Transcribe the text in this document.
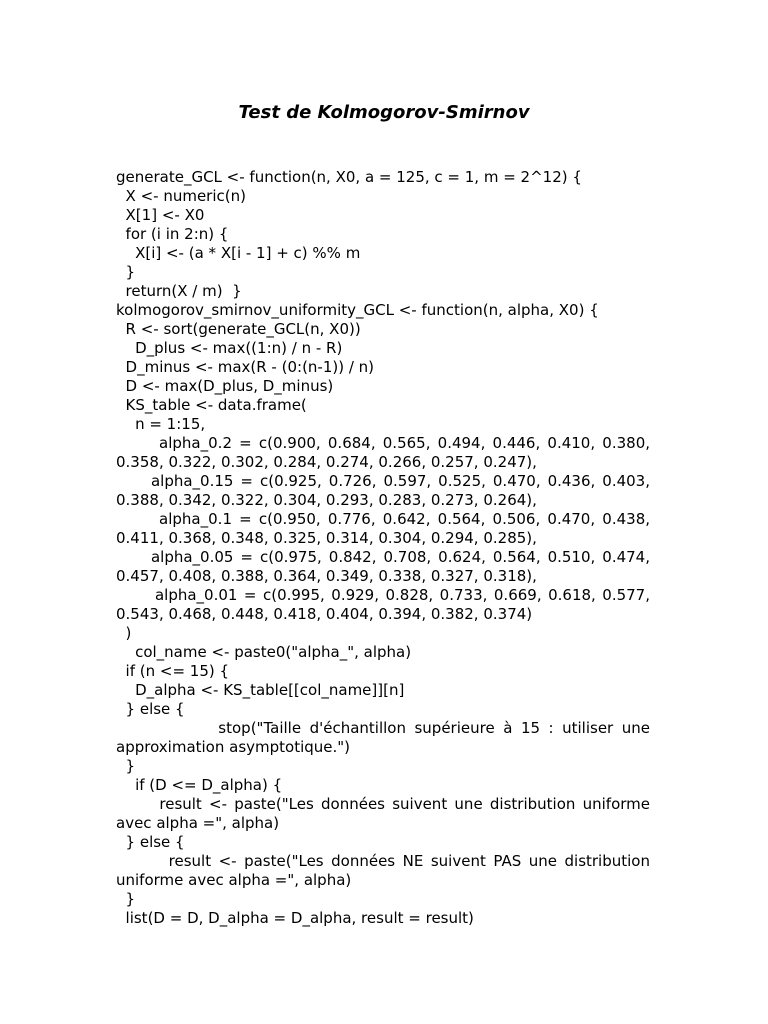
Test de Kolmogorov-Smirnov
generate_GCL <- function(n, X0, a = 125, c = 1, m = 2^12) {
X <- numeric(n)
X[1] <- X0
for (i in 2:n) {
X[i] <- (a * X[i - 1] + c) %% m
}
return(X / m)  }
kolmogorov_smirnov_uniformity_GCL <- function(n, alpha, X0) {
R <- sort(generate_GCL(n, X0))
D_plus <- max((1:n) / n - R)
D_minus <- max(R - (0:(n-1)) / n)
D <- max(D_plus, D_minus)
KS_table <- data.frame(
n = 1:15,
alpha_0.2 = c(0.900, 0.684, 0.565, 0.494, 0.446, 0.410, 0.380, 0.358, 0.322, 0.302, 0.284, 0.274, 0.266, 0.257, 0.247),
alpha_0.15 = c(0.925, 0.726, 0.597, 0.525, 0.470, 0.436, 0.403, 0.388, 0.342, 0.322, 0.304, 0.293, 0.283, 0.273, 0.264),
alpha_0.1 = c(0.950, 0.776, 0.642, 0.564, 0.506, 0.470, 0.438, 0.411, 0.368, 0.348, 0.325, 0.314, 0.304, 0.294, 0.285),
alpha_0.05 = c(0.975, 0.842, 0.708, 0.624, 0.564, 0.510, 0.474, 0.457, 0.408, 0.388, 0.364, 0.349, 0.338, 0.327, 0.318),
alpha_0.01 = c(0.995, 0.929, 0.828, 0.733, 0.669, 0.618, 0.577, 0.543, 0.468, 0.448, 0.418, 0.404, 0.394, 0.382, 0.374)
)
col_name <- paste0("alpha_", alpha)
if (n <= 15) {
D_alpha <- KS_table[[col_name]][n]
} else {
stop("Taille d'échantillon supérieure à 15 : utiliser une approximation asymptotique.")
}
if (D <= D_alpha) {
result <- paste("Les données suivent une distribution uniforme avec alpha =", alpha)
} else {
result <- paste("Les données NE suivent PAS une distribution uniforme avec alpha =", alpha)
}
list(D = D, D_alpha = D_alpha, result = result)
